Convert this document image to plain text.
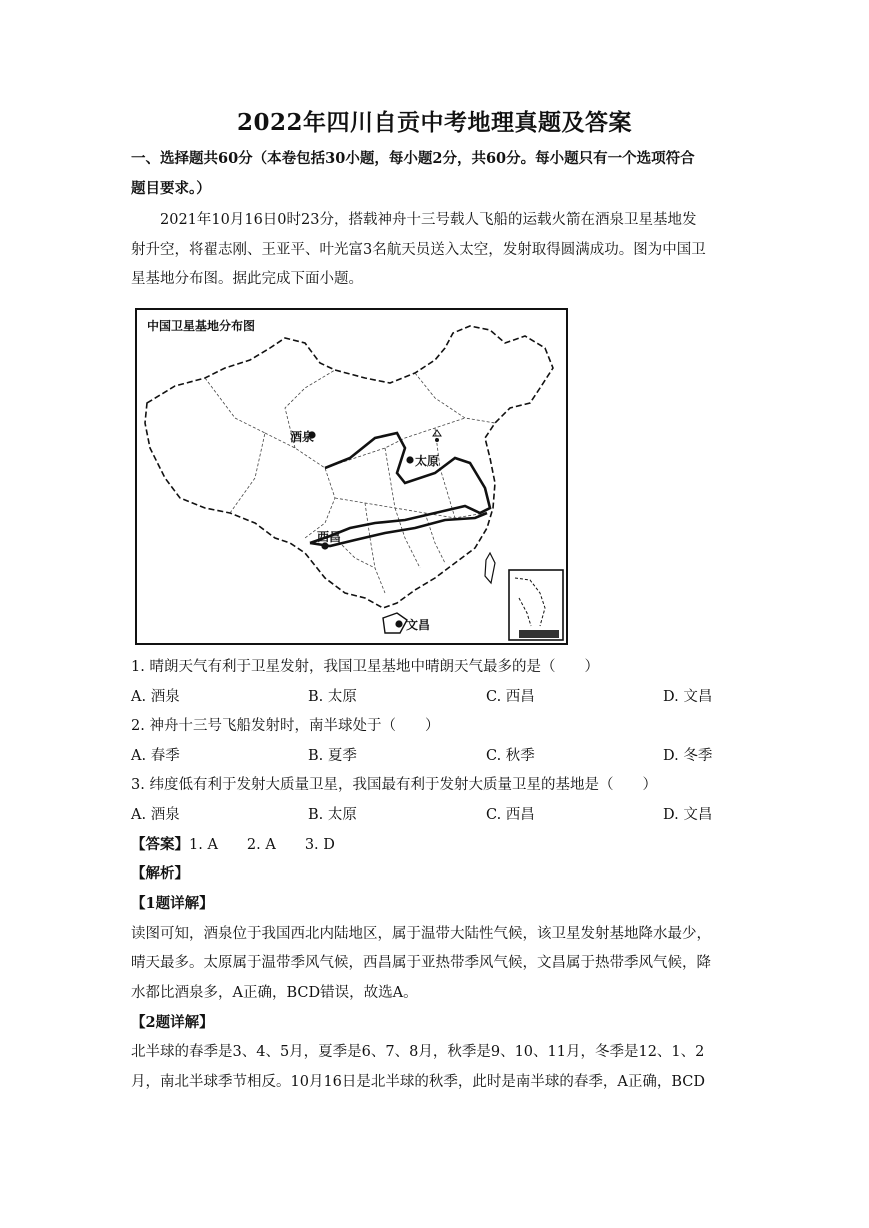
2022年四川自贡中考地理真题及答案
一、选择题共60分（本卷包括30小题，每小题2分，共60分。每小题只有一个选项符合
题目要求。）
2021年10月16日0时23分，搭载神舟十三号载人飞船的运载火箭在酒泉卫星基地发
射升空，将翟志刚、王亚平、叶光富3名航天员送入太空，发射取得圆满成功。图为中国卫
星基地分布图。据此完成下面小题。
中国卫星基地分布图
酒泉
太原
西昌
文昌
1. 晴朗天气有利于卫星发射，我国卫星基地中晴朗天气最多的是（　　）
A. 酒泉	B. 太原	C. 西昌	D. 文昌
2. 神舟十三号飞船发射时，南半球处于（　　）
A. 春季	B. 夏季	C. 秋季	D. 冬季
3. 纬度低有利于发射大质量卫星，我国最有利于发射大质量卫星的基地是（　　）
A. 酒泉	B. 太原	C. 西昌	D. 文昌
【答案】1. A　　2. A　　3. D
【解析】
【1题详解】
读图可知，酒泉位于我国西北内陆地区，属于温带大陆性气候，该卫星发射基地降水最少，
晴天最多。太原属于温带季风气候，西昌属于亚热带季风气候，文昌属于热带季风气候，降
水都比酒泉多，A正确，BCD错误，故选A。
【2题详解】
北半球的春季是3、4、5月，夏季是6、7、8月，秋季是9、10、11月，冬季是12、1、2
月，南北半球季节相反。10月16日是北半球的秋季，此时是南半球的春季，A正确，BCD
